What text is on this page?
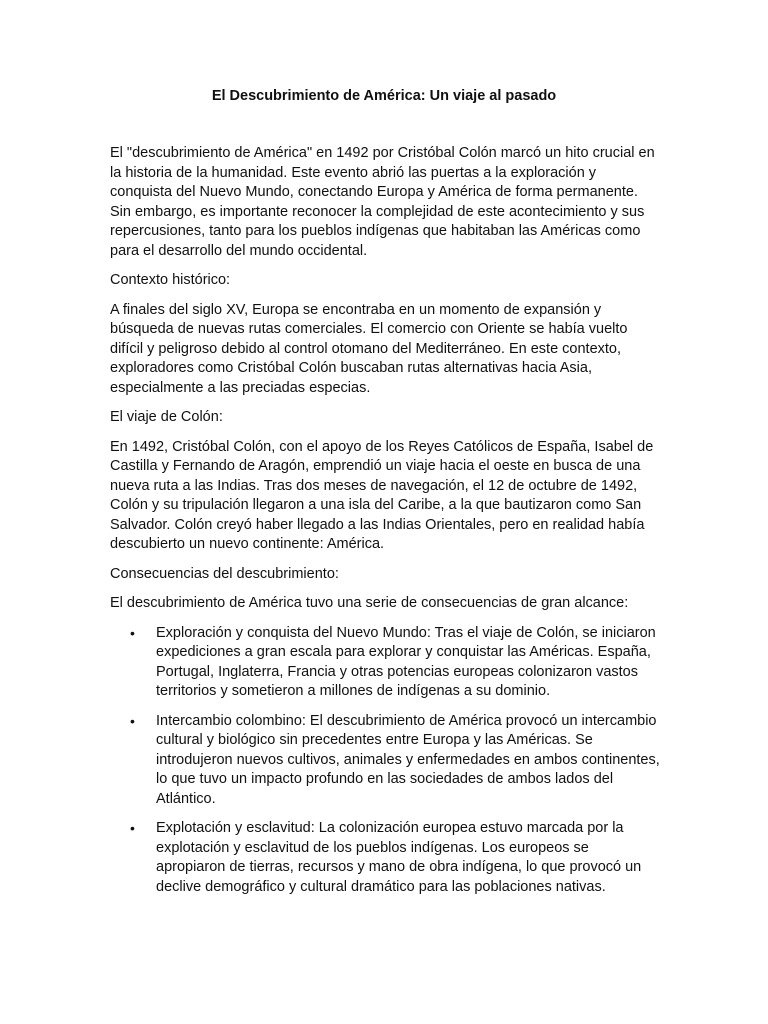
El Descubrimiento de América: Un viaje al pasado

El "descubrimiento de América" en 1492 por Cristóbal Colón marcó un hito crucial en la historia de la humanidad. Este evento abrió las puertas a la exploración y conquista del Nuevo Mundo, conectando Europa y América de forma permanente. Sin embargo, es importante reconocer la complejidad de este acontecimiento y sus repercusiones, tanto para los pueblos indígenas que habitaban las Américas como para el desarrollo del mundo occidental.

Contexto histórico:

A finales del siglo XV, Europa se encontraba en un momento de expansión y búsqueda de nuevas rutas comerciales. El comercio con Oriente se había vuelto difícil y peligroso debido al control otomano del Mediterráneo. En este contexto, exploradores como Cristóbal Colón buscaban rutas alternativas hacia Asia, especialmente a las preciadas especias.

El viaje de Colón:

En 1492, Cristóbal Colón, con el apoyo de los Reyes Católicos de España, Isabel de Castilla y Fernando de Aragón, emprendió un viaje hacia el oeste en busca de una nueva ruta a las Indias. Tras dos meses de navegación, el 12 de octubre de 1492, Colón y su tripulación llegaron a una isla del Caribe, a la que bautizaron como San Salvador. Colón creyó haber llegado a las Indias Orientales, pero en realidad había descubierto un nuevo continente: América.

Consecuencias del descubrimiento:

El descubrimiento de América tuvo una serie de consecuencias de gran alcance:

• Exploración y conquista del Nuevo Mundo: Tras el viaje de Colón, se iniciaron expediciones a gran escala para explorar y conquistar las Américas. España, Portugal, Inglaterra, Francia y otras potencias europeas colonizaron vastos territorios y sometieron a millones de indígenas a su dominio.
• Intercambio colombino: El descubrimiento de América provocó un intercambio cultural y biológico sin precedentes entre Europa y las Américas. Se introdujeron nuevos cultivos, animales y enfermedades en ambos continentes, lo que tuvo un impacto profundo en las sociedades de ambos lados del Atlántico.
• Explotación y esclavitud: La colonización europea estuvo marcada por la explotación y esclavitud de los pueblos indígenas. Los europeos se apropiaron de tierras, recursos y mano de obra indígena, lo que provocó un declive demográfico y cultural dramático para las poblaciones nativas.
